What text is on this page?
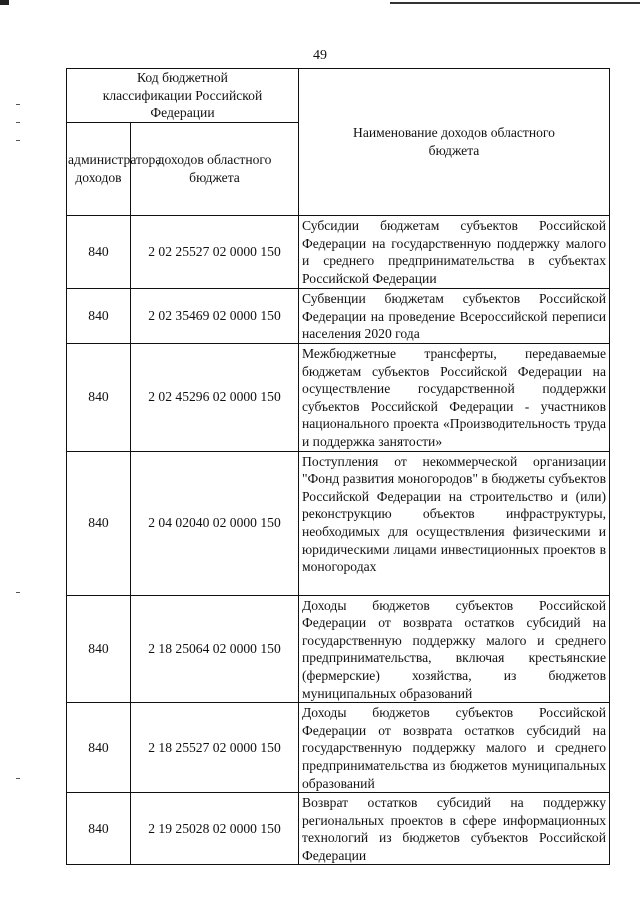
49
Код бюджетной классификации Российской Федерации		Наименование доходов областного бюджета
администратора доходов	доходов областного бюджета	
840	2 02 25527 02 0000 150	Субсидии бюджетам субъектов Российской Федерации на государственную поддержку малого и среднего предпринимательства в субъектах Российской Федерации
840	2 02 35469 02 0000 150	Субвенции бюджетам субъектов Российской Федерации на проведение Всероссийской переписи населения 2020 года
840	2 02 45296 02 0000 150	Межбюджетные трансферты, передаваемые бюджетам субъектов Российской Федерации на осуществление государственной поддержки субъектов Российской Федерации - участников национального проекта «Производительность труда и поддержка занятости»
840	2 04 02040 02 0000 150	Поступления от некоммерческой организации "Фонд развития моногородов" в бюджеты субъектов Российской Федерации на строительство и (или) реконструкцию объектов инфраструктуры, необходимых для осуществления физическими и юридическими лицами инвестиционных проектов в моногородах
840	2 18 25064 02 0000 150	Доходы бюджетов субъектов Российской Федерации от возврата остатков субсидий на государственную поддержку малого и среднего предпринимательства, включая крестьянские (фермерские) хозяйства, из бюджетов муниципальных образований
840	2 18 25527 02 0000 150	Доходы бюджетов субъектов Российской Федерации от возврата остатков субсидий на государственную поддержку малого и среднего предпринимательства из бюджетов муниципальных образований
840	2 19 25028 02 0000 150	Возврат остатков субсидий на поддержку региональных проектов в сфере информационных технологий из бюджетов субъектов Российской Федерации
